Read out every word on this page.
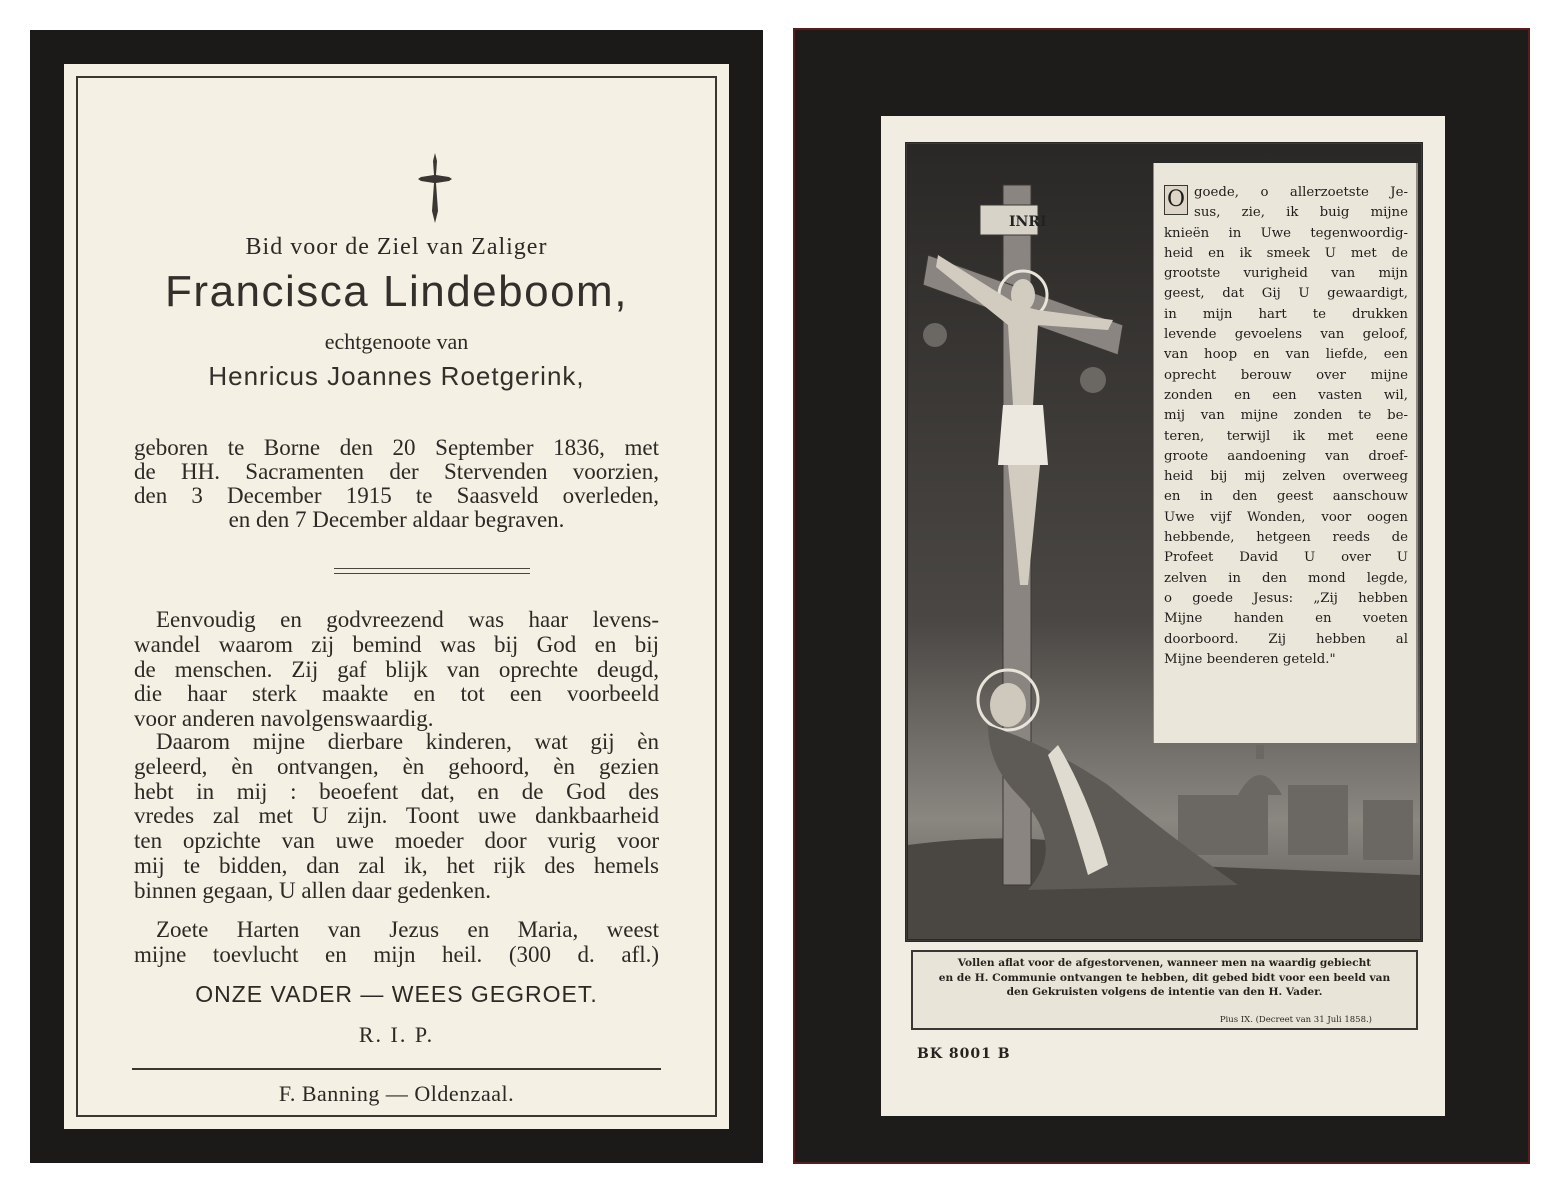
Bid voor de Ziel van Zaliger
Francisca Lindeboom,
echtgenoote van
Henricus Joannes Roetgerink,
geboren te Borne den 20 September 1836, met
de HH. Sacramenten der Stervenden voorzien,
den 3 December 1915 te Saasveld overleden,
en den 7 December aldaar begraven.
Eenvoudig en godvreezend was haar levens-
wandel waarom zij bemind was bij God en bij
de menschen. Zij gaf blijk van oprechte deugd,
die haar sterk maakte en tot een voorbeeld
voor anderen navolgenswaardig.
Daarom mijne dierbare kinderen, wat gij èn
geleerd, èn ontvangen, èn gehoord, èn gezien
hebt in mij : beoefent dat, en de God des
vredes zal met U zijn. Toont uwe dankbaarheid
ten opzichte van uwe moeder door vurig voor
mij te bidden, dan zal ik, het rijk des hemels
binnen gegaan, U allen daar gedenken.
Zoete Harten van Jezus en Maria, weest
mijne toevlucht en mijn heil. (300 d. afl.)
ONZE VADER — WEES GEGROET.
R. I. P.
F. Banning — Oldenzaal.
INRI
O goede, o allerzoetste Je-
sus, zie, ik buig mijne
knieën in Uwe tegenwoordig-
heid en ik smeek U met de
grootste vurigheid van mijn
geest, dat Gij U gewaardigt,
in mijn hart te drukken
levende gevoelens van geloof,
van hoop en van liefde, een
oprecht berouw over mijne
zonden en een vasten wil,
mij van mijne zonden te be-
teren, terwijl ik met eene
groote aandoening van droef-
heid bij mij zelven overweeg
en in den geest aanschouw
Uwe vijf Wonden, voor oogen
hebbende, hetgeen reeds de
Profeet David U over U
zelven in den mond legde,
o goede Jesus: „Zij hebben
Mijne handen en voeten
doorboord. Zij hebben al
Mijne beenderen geteld."
Vollen aflat voor de afgestorvenen, wanneer men na waardig gebiecht
en de H. Communie ontvangen te hebben, dit gebed bidt voor een beeld van
den Gekruisten volgens de intentie van den H. Vader.
Pius IX. (Decreet van 31 Juli 1858.)
BK 8001 B
